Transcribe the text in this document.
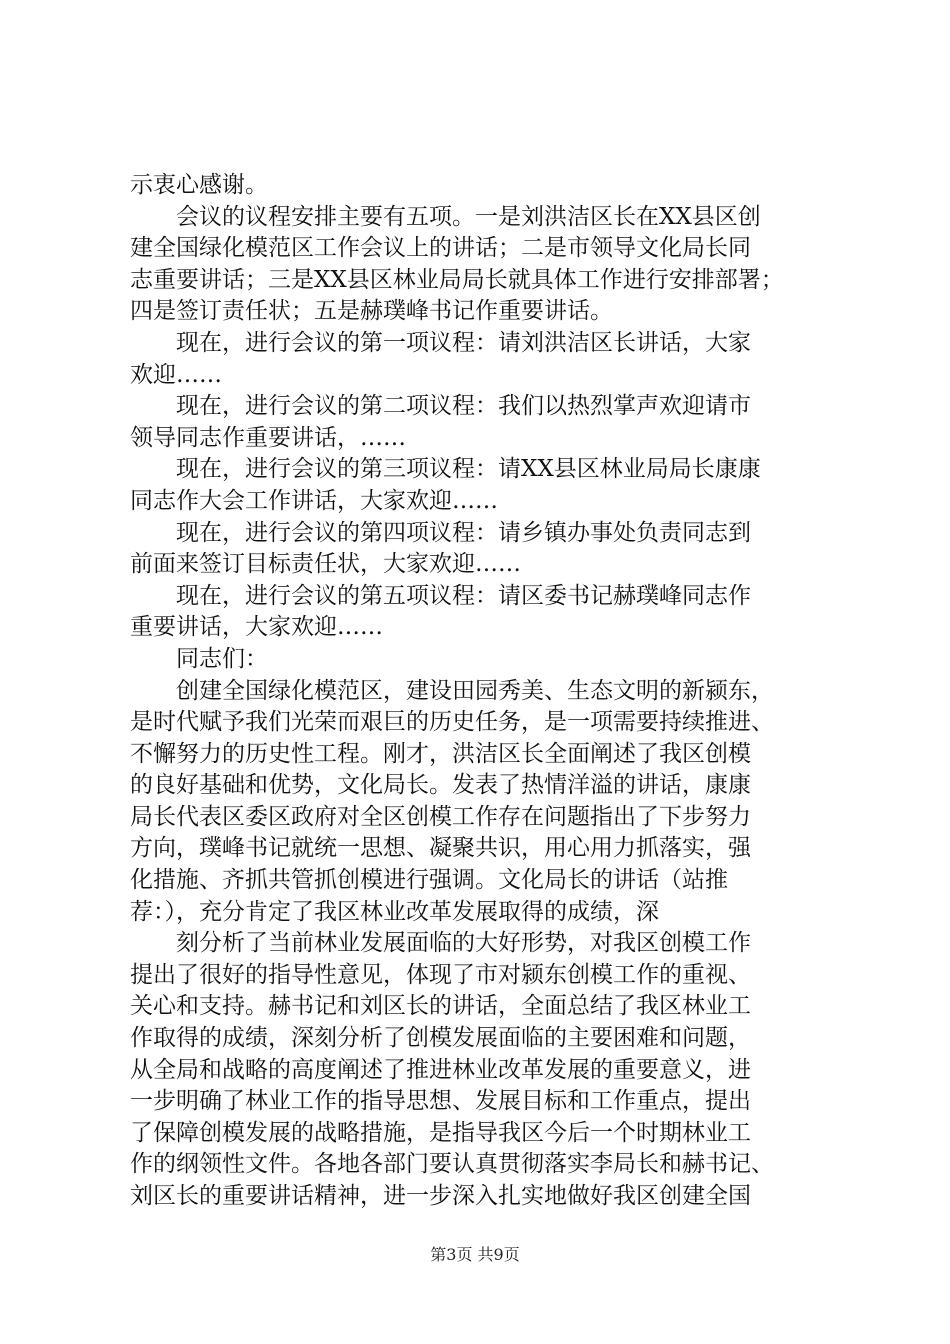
示衷心感谢。
会议的议程安排主要有五项。一是刘洪洁区长在XX县区创
建全国绿化模范区工作会议上的讲话；二是市领导文化局长同
志重要讲话；三是XX县区林业局局长就具体工作进行安排部署；
四是签订责任状；五是赫璞峰书记作重要讲话。
现在，进行会议的第一项议程：请刘洪洁区长讲话，大家
欢迎……
现在，进行会议的第二项议程：我们以热烈掌声欢迎请市
领导同志作重要讲话，……
现在，进行会议的第三项议程：请XX县区林业局局长康康
同志作大会工作讲话，大家欢迎……
现在，进行会议的第四项议程：请乡镇办事处负责同志到
前面来签订目标责任状，大家欢迎……
现在，进行会议的第五项议程：请区委书记赫璞峰同志作
重要讲话，大家欢迎……
同志们：
创建全国绿化模范区，建设田园秀美、生态文明的新颍东，
是时代赋予我们光荣而艰巨的历史任务，是一项需要持续推进、
不懈努力的历史性工程。刚才，洪洁区长全面阐述了我区创模
的良好基础和优势，文化局长。发表了热情洋溢的讲话，康康
局长代表区委区政府对全区创模工作存在问题指出了下步努力
方向，璞峰书记就统一思想、凝聚共识，用心用力抓落实，强
化措施、齐抓共管抓创模进行强调。文化局长的讲话（站推
荐：），充分肯定了我区林业改革发展取得的成绩，深
刻分析了当前林业发展面临的大好形势，对我区创模工作
提出了很好的指导性意见，体现了市对颍东创模工作的重视、
关心和支持。赫书记和刘区长的讲话，全面总结了我区林业工
作取得的成绩，深刻分析了创模发展面临的主要困难和问题，
从全局和战略的高度阐述了推进林业改革发展的重要意义，进
一步明确了林业工作的指导思想、发展目标和工作重点，提出
了保障创模发展的战略措施，是指导我区今后一个时期林业工
作的纲领性文件。各地各部门要认真贯彻落实李局长和赫书记、
刘区长的重要讲话精神，进一步深入扎实地做好我区创建全国
第3页 共9页
